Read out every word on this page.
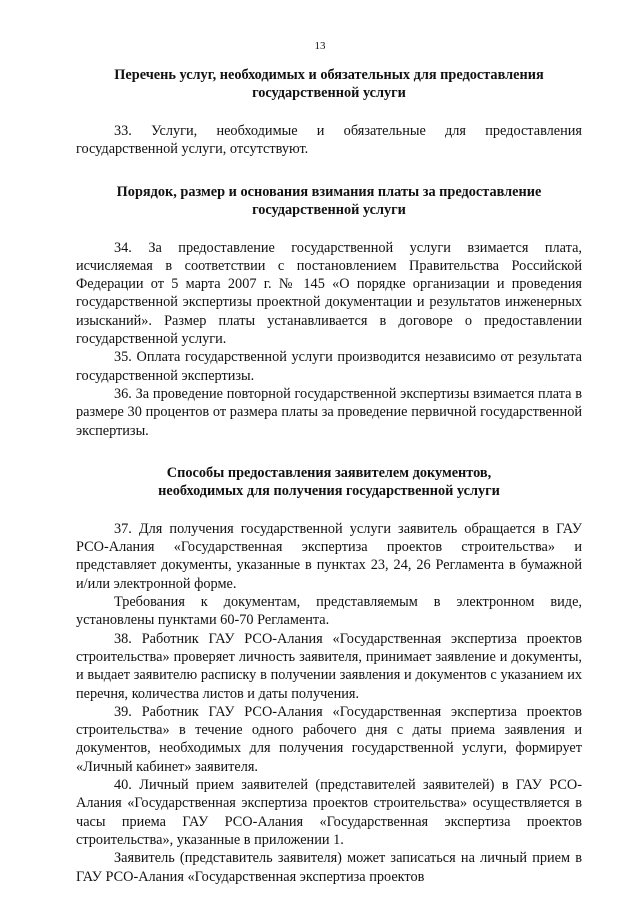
13

Перечень услуг, необходимых и обязательных для предоставления
государственной услуги

33. Услуги, необходимые и обязательные для предоставления государственной услуги, отсутствуют.

Порядок, размер и основания взимания платы за предоставление
государственной услуги

34. За предоставление государственной услуги взимается плата, исчисляемая в соответствии с постановлением Правительства Российской Федерации от 5 марта 2007 г. № 145 «О порядке организации и проведения государственной экспертизы проектной документации и результатов инженерных изысканий». Размер платы устанавливается в договоре о предоставлении государственной услуги.

35. Оплата государственной услуги производится независимо от результата государственной экспертизы.

36. За проведение повторной государственной экспертизы взимается плата в размере 30 процентов от размера платы за проведение первичной государственной экспертизы.

Способы предоставления заявителем документов,
необходимых для получения государственной услуги

37. Для получения государственной услуги заявитель обращается в ГАУ РСО-Алания «Государственная экспертиза проектов строительства» и представляет документы, указанные в пунктах 23, 24, 26 Регламента в бумажной и/или электронной форме.

Требования к документам, представляемым в электронном виде, установлены пунктами 60-70 Регламента.

38. Работник ГАУ РСО-Алания «Государственная экспертиза проектов строительства» проверяет личность заявителя, принимает заявление и документы, и выдает заявителю расписку в получении заявления и документов с указанием их перечня, количества листов и даты получения.

39. Работник ГАУ РСО-Алания «Государственная экспертиза проектов строительства» в течение одного рабочего дня с даты приема заявления и документов, необходимых для получения государственной услуги, формирует «Личный кабинет» заявителя.

40. Личный прием заявителей (представителей заявителей) в ГАУ РСО-Алания «Государственная экспертиза проектов строительства» осуществляется в часы приема ГАУ РСО-Алания «Государственная экспертиза проектов строительства», указанные в приложении 1.

Заявитель (представитель заявителя) может записаться на личный прием в ГАУ РСО-Алания «Государственная экспертиза проектов
